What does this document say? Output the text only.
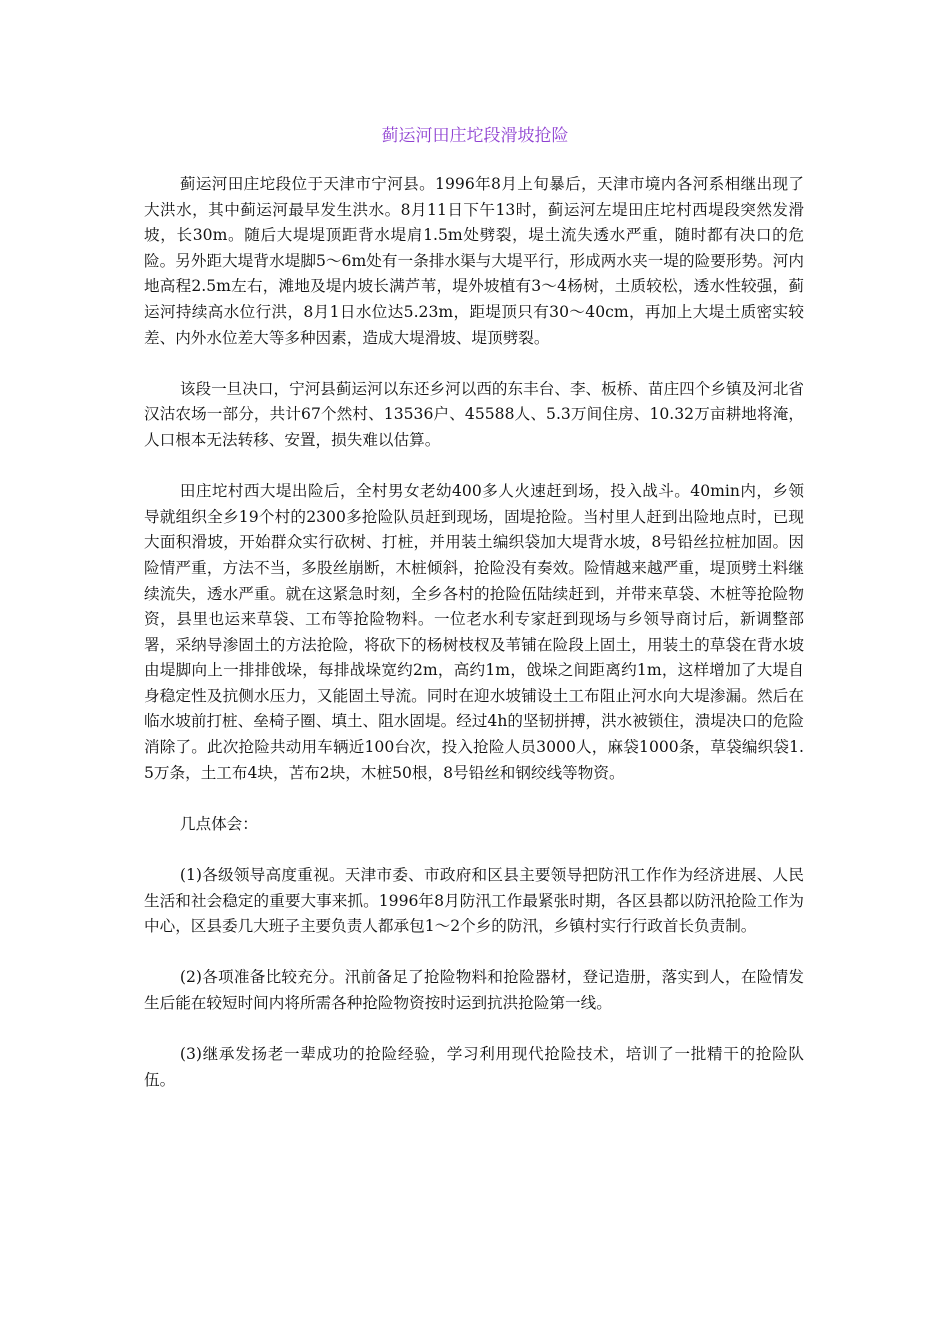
蓟运河田庄坨段滑坡抢险

蓟运河田庄坨段位于天津市宁河县。1996年8月上旬暴后，天津市境内各河系相继出现了大洪水，其中蓟运河最早发生洪水。8月11日下午13时，蓟运河左堤田庄坨村西堤段突然发滑坡，长30m。随后大堤堤顶距背水堤肩1.5m处劈裂，堤土流失透水严重，随时都有决口的危险。另外距大堤背水堤脚5～6m处有一条排水渠与大堤平行，形成两水夹一堤的险要形势。河内地高程2.5m左右，滩地及堤内坡长满芦苇，堤外坡植有3～4杨树，土质较松，透水性较强，蓟运河持续高水位行洪，8月1日水位达5.23m，距堤顶只有30～40cm，再加上大堤土质密实较差、内外水位差大等多种因素，造成大堤滑坡、堤顶劈裂。

该段一旦决口，宁河县蓟运河以东还乡河以西的东丰台、李、板桥、苗庄四个乡镇及河北省汉沽农场一部分，共计67个然村、13536户、45588人、5.3万间住房、10.32万亩耕地将淹，人口根本无法转移、安置，损失难以估算。

田庄坨村西大堤出险后，全村男女老幼400多人火速赶到场，投入战斗。40min内，乡领导就组织全乡19个村的2300多抢险队员赶到现场，固堤抢险。当村里人赶到出险地点时，已现大面积滑坡，开始群众实行砍树、打桩，并用装土编织袋加大堤背水坡，8号铅丝拉桩加固。因险情严重，方法不当，多股丝崩断，木桩倾斜，抢险没有奏效。险情越来越严重，堤顶劈土料继续流失，透水严重。就在这紧急时刻，全乡各村的抢险伍陆续赶到，并带来草袋、木桩等抢险物资，县里也运来草袋、工布等抢险物料。一位老水利专家赶到现场与乡领导商讨后，新调整部署，采纳导渗固土的方法抢险，将砍下的杨树枝杈及苇铺在险段上固土，用装土的草袋在背水坡由堤脚向上一排排戗垛，每排战垛宽约2m，高约1m，戗垛之间距离约1m，这样增加了大堤自身稳定性及抗侧水压力，又能固土导流。同时在迎水坡铺设土工布阻止河水向大堤渗漏。然后在临水坡前打桩、垒椅子圈、填土、阻水固堤。经过4h的坚韧拼搏，洪水被锁住，溃堤决口的危险消除了。此次抢险共动用车辆近100台次，投入抢险人员3000人，麻袋1000条，草袋编织袋1.5万条，土工布4块，苫布2块，木桩50根，8号铅丝和钢绞线等物资。

几点体会：

(1)各级领导高度重视。天津市委、市政府和区县主要领导把防汛工作作为经济进展、人民生活和社会稳定的重要大事来抓。1996年8月防汛工作最紧张时期，各区县都以防汛抢险工作为中心，区县委几大班子主要负责人都承包1～2个乡的防汛，乡镇村实行行政首长负责制。

(2)各项准备比较充分。汛前备足了抢险物料和抢险器材，登记造册，落实到人，在险情发生后能在较短时间内将所需各种抢险物资按时运到抗洪抢险第一线。

(3)继承发扬老一辈成功的抢险经验，学习利用现代抢险技术，培训了一批精干的抢险队伍。
